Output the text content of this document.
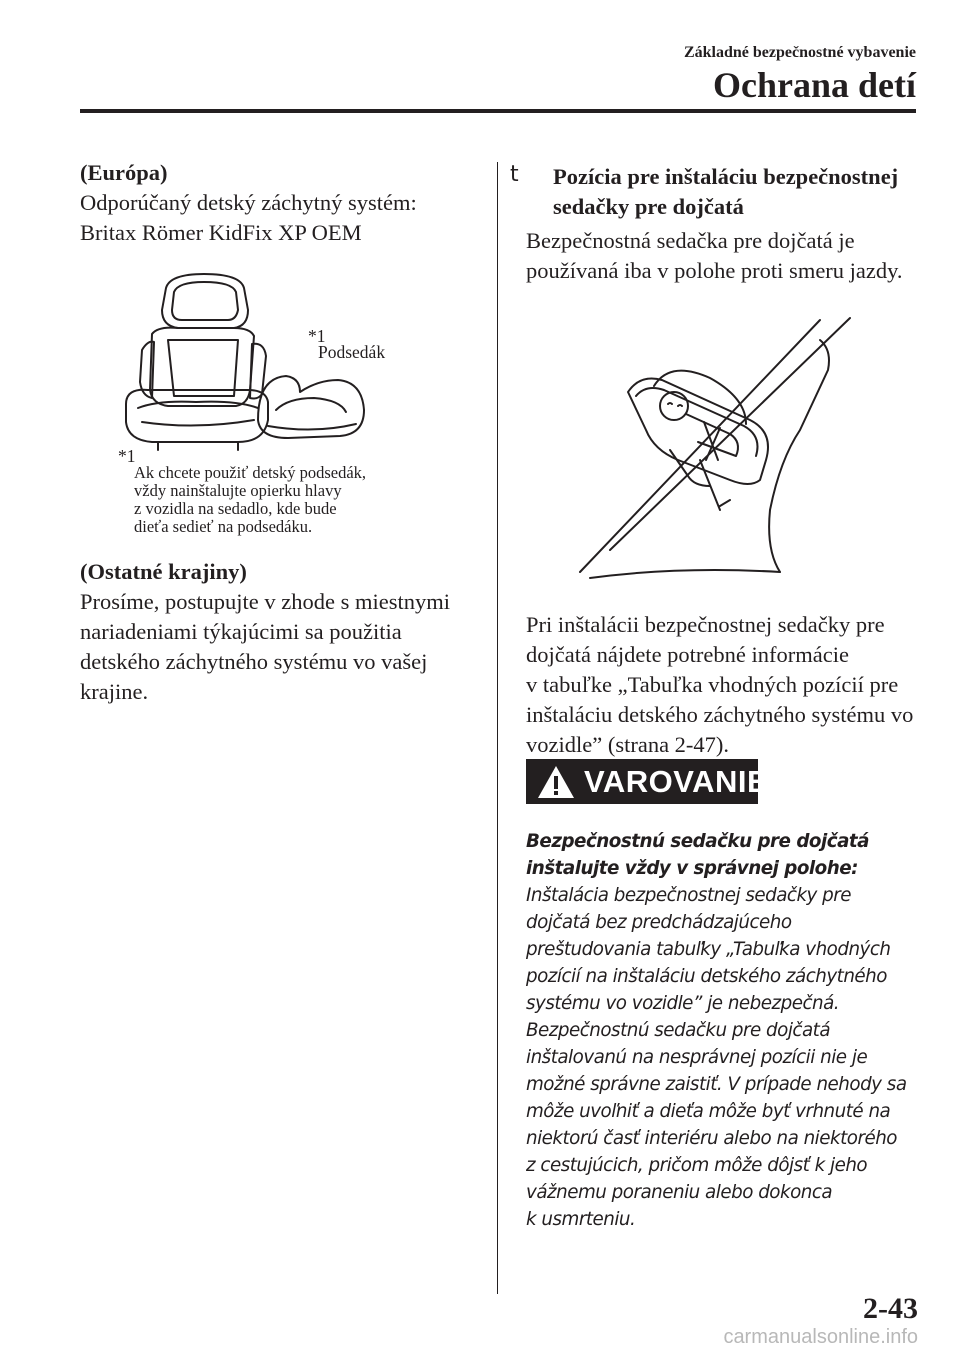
Základné bezpečnostné vybavenie
Ochrana detí
(Európa)
Odporúčaný detský záchytný systém:
Britax Römer KidFix XP OEM
*1
Podsedák
*1
Ak chcete použiť detský podsedák,
vždy nainštalujte opierku hlavy
z vozidla na sedadlo, kde bude
dieťa sedieť na podsedáku.
(Ostatné krajiny)
Prosíme, postupujte v zhode s miestnymi
nariadeniami týkajúcimi sa použitia
detského záchytného systému vo vašej
krajine.
t Pozícia pre inštaláciu bezpečnostnej
sedačky pre dojčatá
Bezpečnostná sedačka pre dojčatá je
používaná iba v polohe proti smeru jazdy.
Pri inštalácii bezpečnostnej sedačky pre
dojčatá nájdete potrebné informácie
v tabuľke „Tabuľka vhodných pozícií pre
inštaláciu detského záchytného systému vo
vozidle” (strana 2-47).
VAROVANIE
Bezpečnostnú sedačku pre dojčatá
inštalujte vždy v správnej polohe:
Inštalácia bezpečnostnej sedačky pre
dojčatá bez predchádzajúceho
preštudovania tabuľky „Tabuľka vhodných
pozícií na inštaláciu detského záchytného
systému vo vozidle” je nebezpečná.
Bezpečnostnú sedačku pre dojčatá
inštalovanú na nesprávnej pozícii nie je
možné správne zaistiť. V prípade nehody sa
môže uvoľniť a dieťa môže byť vrhnuté na
niektorú časť interiéru alebo na niektorého
z cestujúcich, pričom môže dôjsť k jeho
vážnemu poraneniu alebo dokonca
k usmrteniu.
2-43
carmanualsonline.info
